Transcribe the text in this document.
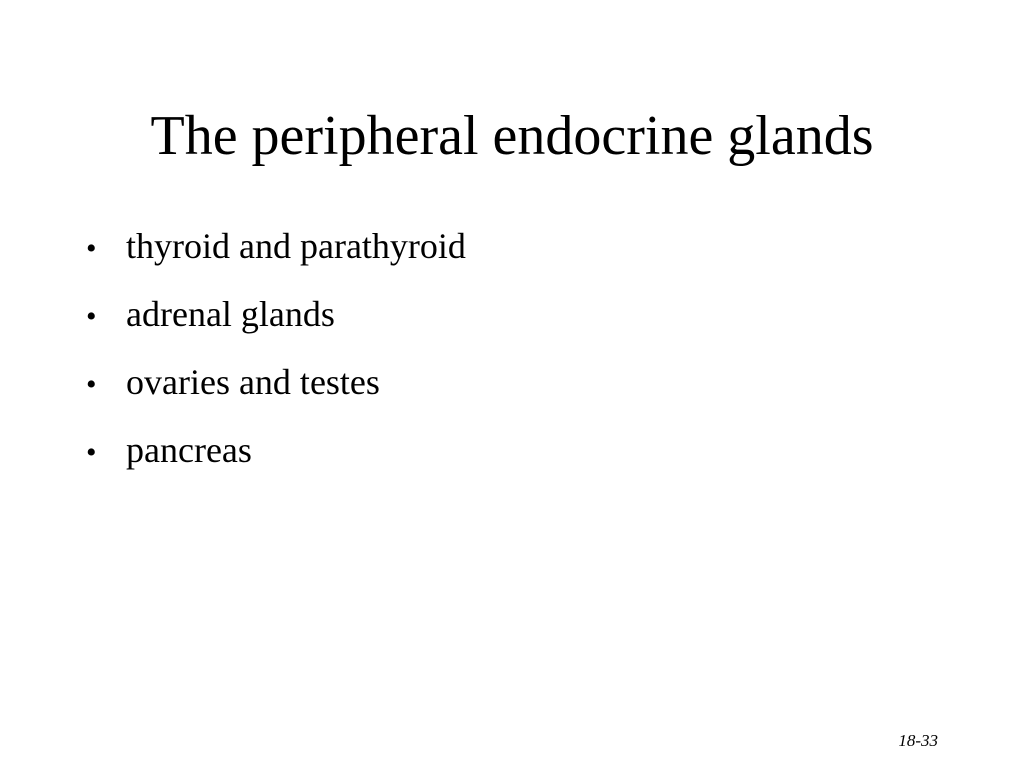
The peripheral endocrine glands
• thyroid and parathyroid
• adrenal glands
• ovaries and testes
• pancreas
18-33
